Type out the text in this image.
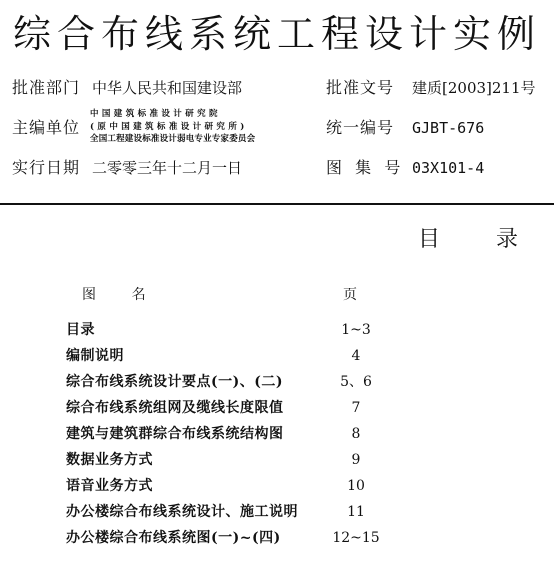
综合布线系统工程设计实例
批准部门 中华人民共和国建设部	批准文号 建质[2003]211号
主编单位
中国建筑标准设计研究院
(原中国建筑标准设计研究所)
全国工程建设标准设计弱电专业专家委员会
统一编号 GJBT-676
实行日期 二零零三年十二月一日	图  集  号 03X101-4
目	录
图        名	页
目录	1~3
编制说明	4
综合布线系统设计要点(一)、(二)	5、6
综合布线系统组网及缆线长度限值	7
建筑与建筑群综合布线系统结构图	8
数据业务方式	9
语音业务方式	10
办公楼综合布线系统设计、施工说明	11
办公楼综合布线系统图(一)~(四)	12~15
